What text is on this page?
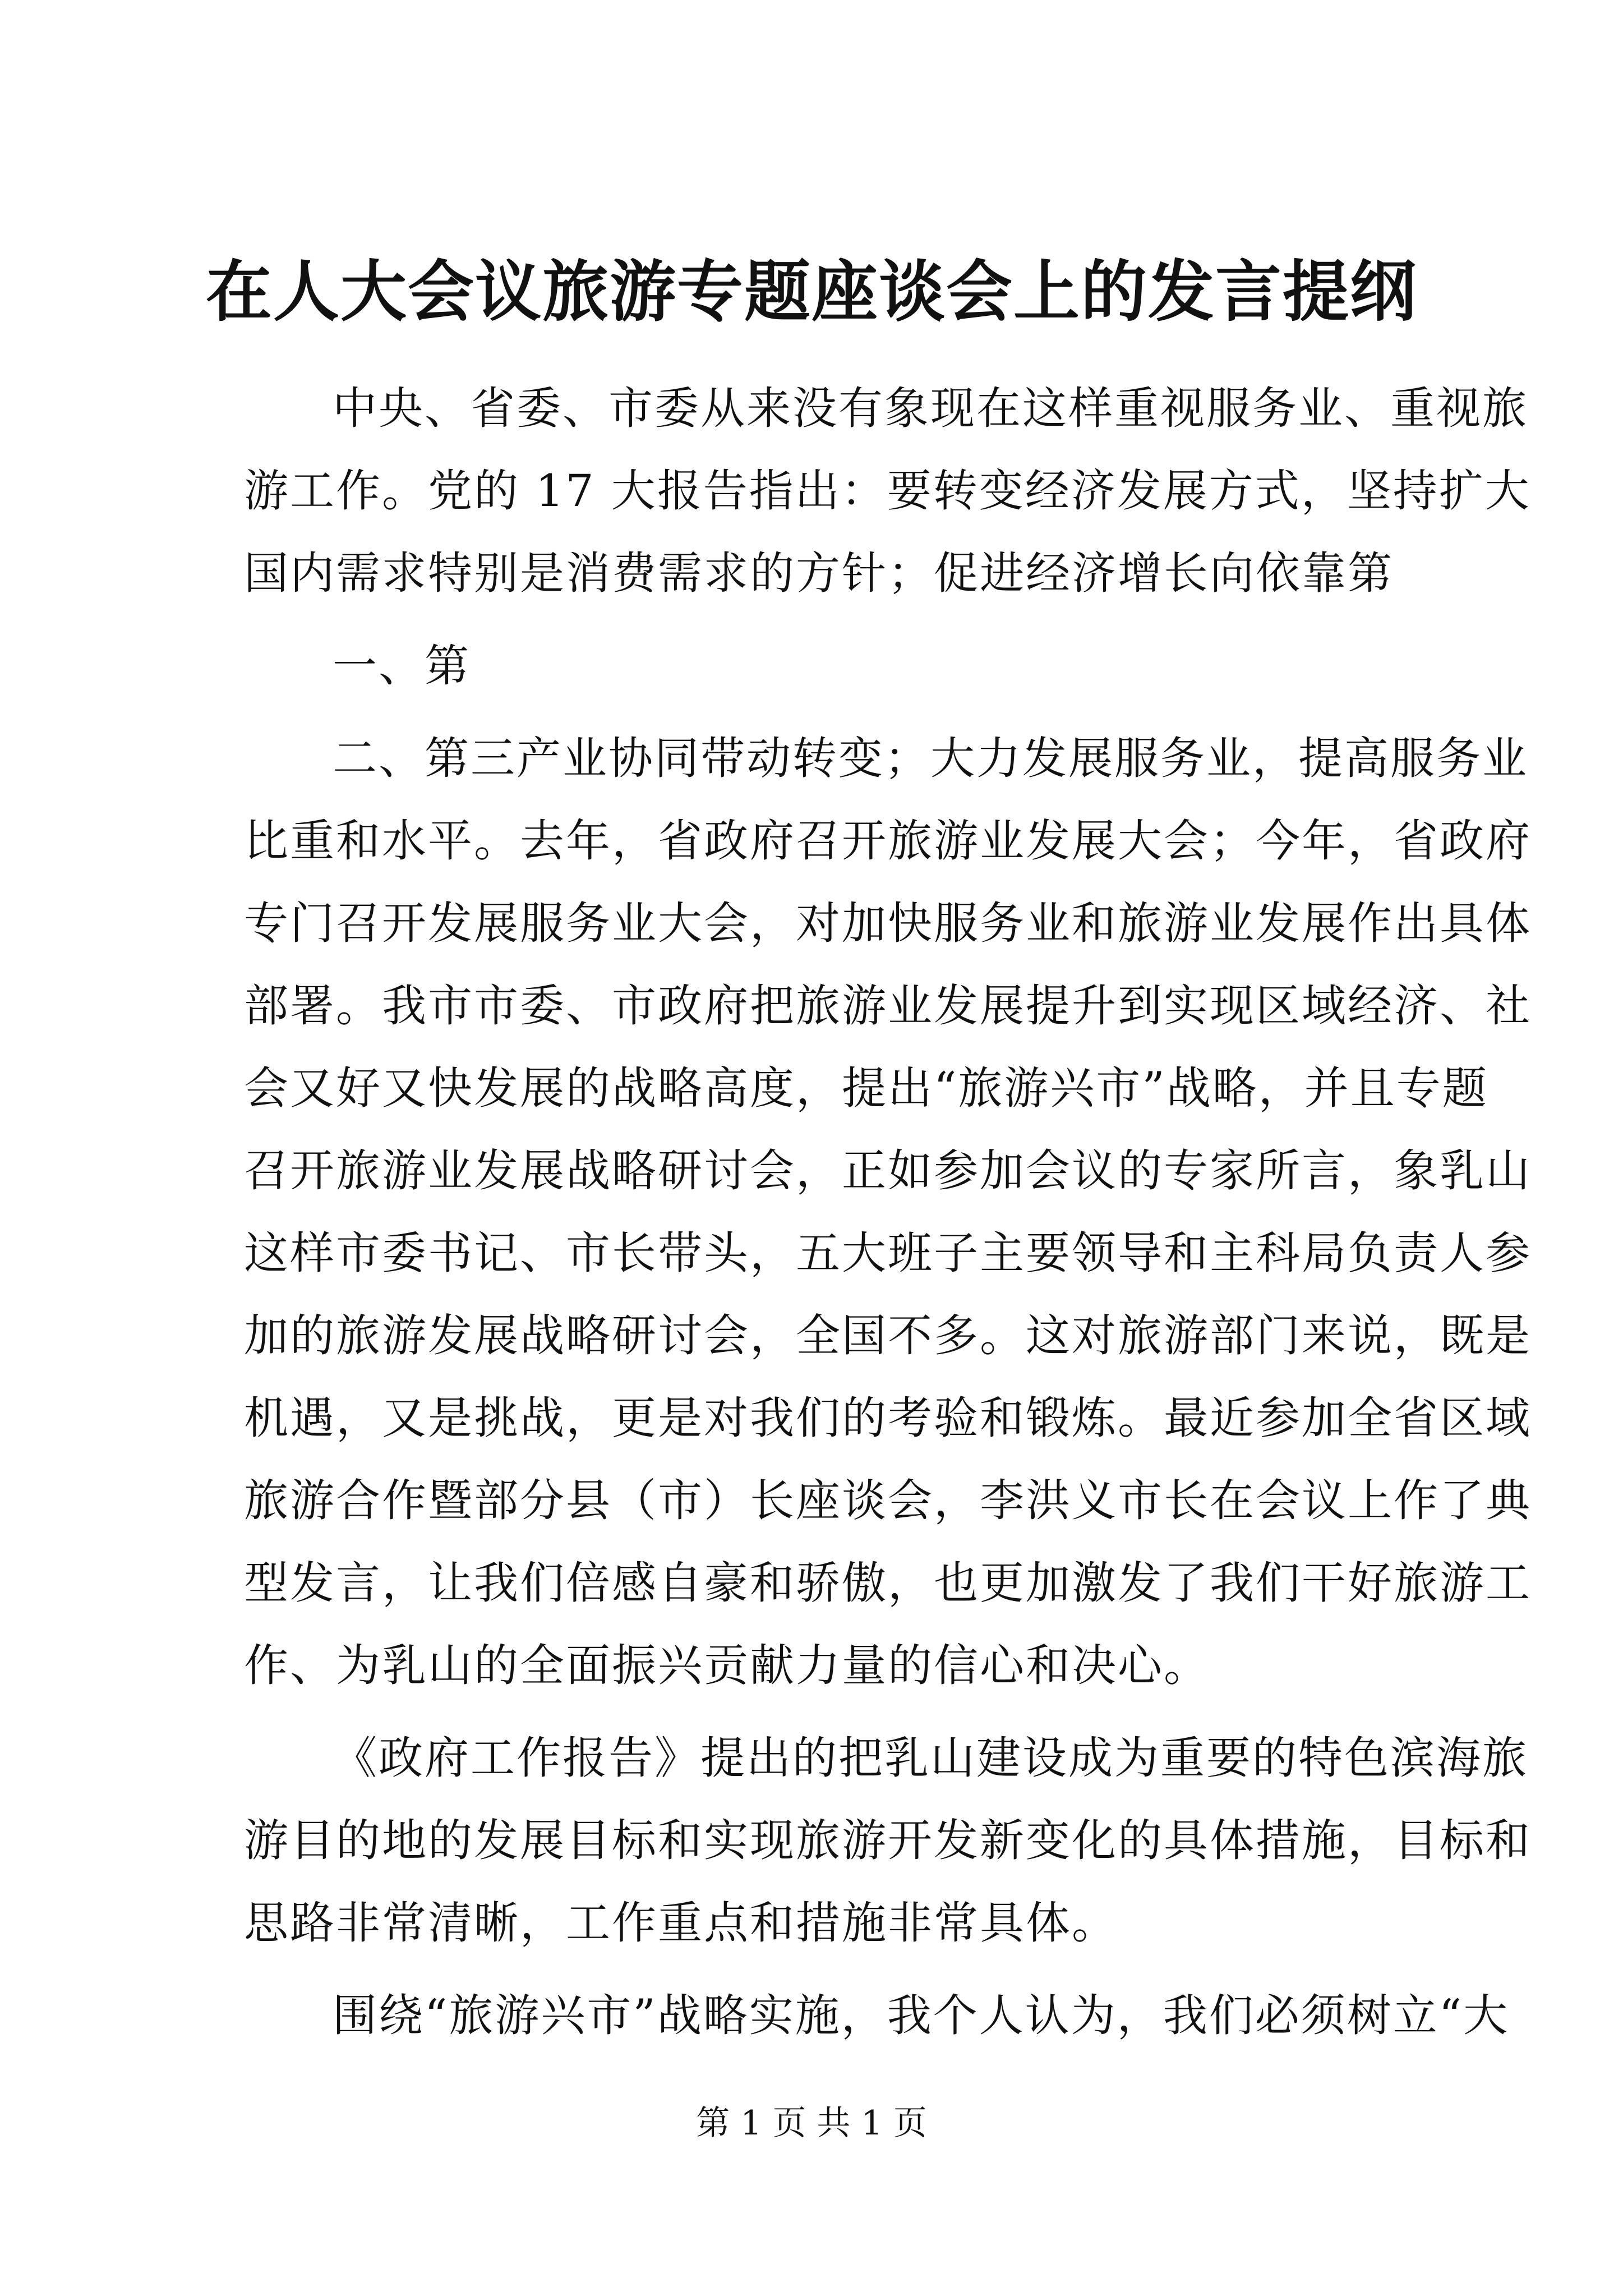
在人大会议旅游专题座谈会上的发言提纲

中央、省委、市委从来没有象现在这样重视服务业、重视旅
游工作。党的 17 大报告指出：要转变经济发展方式，坚持扩大
国内需求特别是消费需求的方针；促进经济增长向依靠第

一、第

二、第三产业协同带动转变；大力发展服务业，提高服务业
比重和水平。去年，省政府召开旅游业发展大会；今年，省政府
专门召开发展服务业大会，对加快服务业和旅游业发展作出具体
部署。我市市委、市政府把旅游业发展提升到实现区域经济、社
会又好又快发展的战略高度，提出“旅游兴市”战略，并且专题
召开旅游业发展战略研讨会，正如参加会议的专家所言，象乳山
这样市委书记、市长带头，五大班子主要领导和主科局负责人参
加的旅游发展战略研讨会，全国不多。这对旅游部门来说，既是
机遇，又是挑战，更是对我们的考验和锻炼。最近参加全省区域
旅游合作暨部分县（市）长座谈会，李洪义市长在会议上作了典
型发言，让我们倍感自豪和骄傲，也更加激发了我们干好旅游工
作、为乳山的全面振兴贡献力量的信心和决心。

《政府工作报告》提出的把乳山建设成为重要的特色滨海旅
游目的地的发展目标和实现旅游开发新变化的具体措施，目标和
思路非常清晰，工作重点和措施非常具体。

围绕“旅游兴市”战略实施，我个人认为，我们必须树立“大

第 1 页 共 1 页
